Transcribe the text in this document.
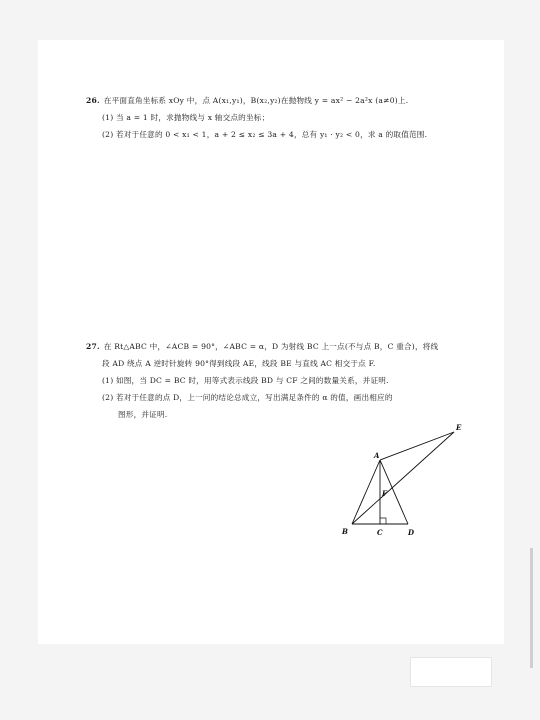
26. 在平面直角坐标系 xOy 中，点 A(x₁,y₁)，B(x₂,y₂)在抛物线 y = ax² − 2a²x (a≠0)上.
(1) 当 a = 1 时，求抛物线与 x 轴交点的坐标；
(2) 若对于任意的 0 < x₁ < 1，a + 2 ≤ x₂ ≤ 3a + 4，总有 y₁ · y₂ < 0，求 a 的取值范围.
27. 在 Rt△ABC 中，∠ACB = 90°，∠ABC = α，D 为射线 BC 上一点(不与点 B，C 重合)，将线
段 AD 绕点 A 逆时针旋转 90°得到线段 AE，线段 BE 与直线 AC 相交于点 F.
(1) 如图，当 DC = BC 时，用等式表示线段 BD 与 CF 之间的数量关系，并证明.
(2) 若对于任意的点 D，上一问的结论总成立，写出满足条件的 α 的值，画出相应的
图形，并证明.
A
B	C	D
E
F
